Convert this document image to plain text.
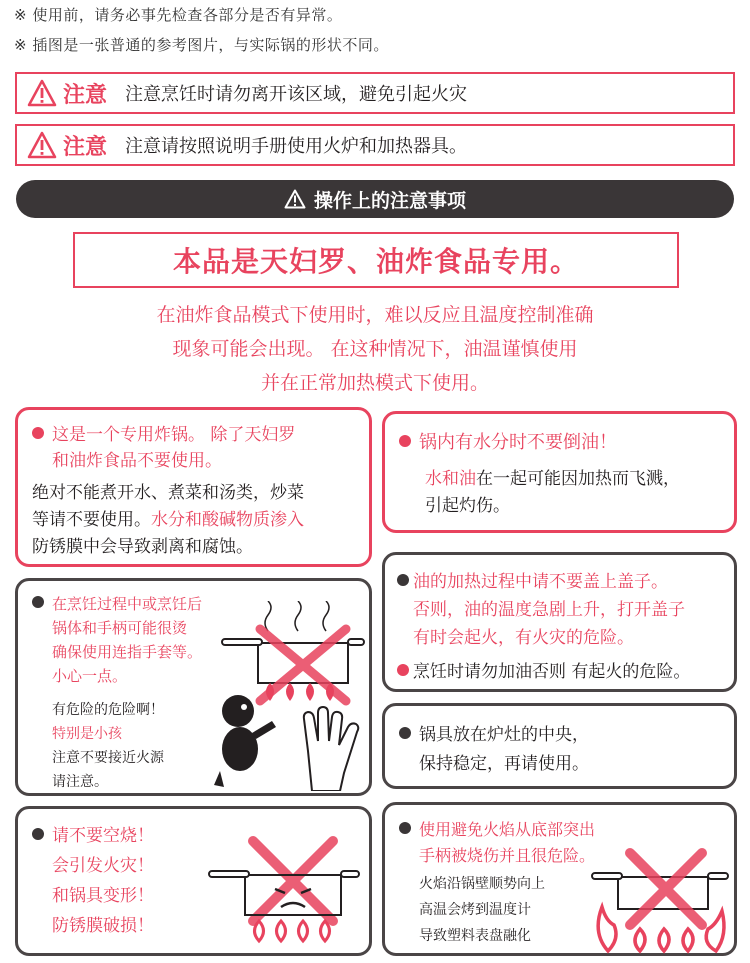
※ 使用前，请务必事先检查各部分是否有异常。
※ 插图是一张普通的参考图片，与实际锅的形状不同。
注意 注意烹饪时请勿离开该区域，避免引起火灾
注意 注意请按照说明手册使用火炉和加热器具。
操作上的注意事项
本品是天妇罗、油炸食品专用。
在油炸食品模式下使用时，难以反应且温度控制准确
现象可能会出现。 在这种情况下，油温谨慎使用
并在正常加热模式下使用。
这是一个专用炸锅。 除了天妇罗
和油炸食品不要使用。
绝对不能煮开水、煮菜和汤类，炒菜
等请不要使用。水分和酸碱物质渗入
防锈膜中会导致剥离和腐蚀。
锅内有水分时不要倒油！
水和油在一起可能因加热而飞溅，
引起灼伤。
在烹饪过程中或烹饪后
锅体和手柄可能很烫
确保使用连指手套等。
小心一点。
有危险的危险啊！
特别是小孩
注意不要接近火源
请注意。
油的加热过程中请不要盖上盖子。
否则，油的温度急剧上升，打开盖子
有时会起火，有火灾的危险。
烹饪时请勿加油否则 有起火的危险。
锅具放在炉灶的中央，
保持稳定，再请使用。
请不要空烧！
会引发火灾！
和锅具变形！
防锈膜破损！
使用避免火焰从底部突出
手柄被烧伤并且很危险。
火焰沿锅壁顺势向上
高温会烤到温度计
导致塑料表盘融化
